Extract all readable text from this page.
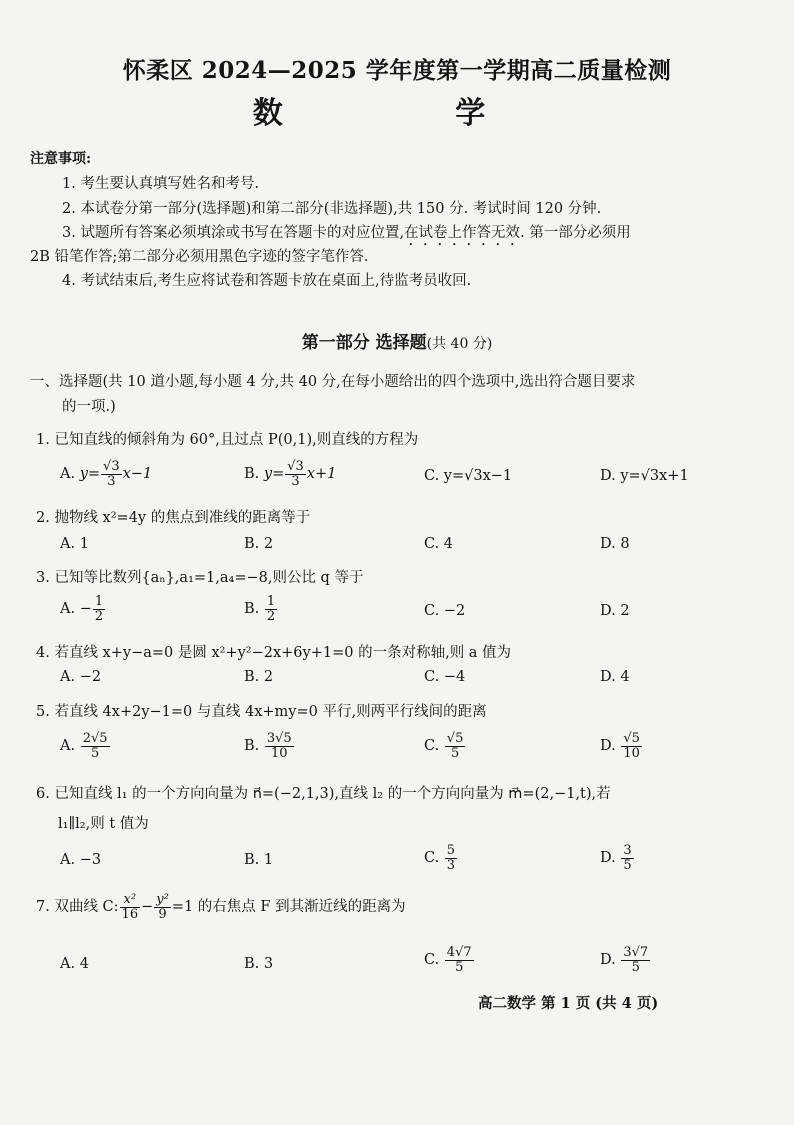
怀柔区 2024—2025 学年度第一学期高二质量检测
数 学
注意事项:
1. 考生要认真填写姓名和考号.
2. 本试卷分第一部分(选择题)和第二部分(非选择题),共 150 分. 考试时间 120 分钟.
3. 试题所有答案必须填涂或书写在答题卡的对应位置,在试卷上作答无效. 第一部分必须用
2B 铅笔作答;第二部分必须用黑色字迹的签字笔作答.
4. 考试结束后,考生应将试卷和答题卡放在桌面上,待监考员收回.
第一部分 选择题(共 40 分)
一、选择题(共 10 道小题,每小题 4 分,共 40 分,在每小题给出的四个选项中,选出符合题目要求
的一项.)
1. 已知直线的倾斜角为 60°,且过点 P(0,1),则直线的方程为
A. $y= \frac{√3}{3} x-1$	B. $y= \frac{√3}{3} x+1$	C. y=√3x−1	D. y=√3x+1
2. 抛物线 x²=4y 的焦点到准线的距离等于
A. 1	B. 2	C. 4	D. 8
3. 已知等比数列{aₙ},a₁=1,a₄=−8,则公比 q 等于
A. − $\frac{1}{2}$	B. $\frac{1}{2}$	C. −2	D. 2
4. 若直线 x+y−a=0 是圆 x²+y²−2x+6y+1=0 的一条对称轴,则 a 值为
A. −2	B. 2	C. −4	D. 4
5. 若直线 4x+2y−1=0 与直线 4x+my=0 平行,则两平行线间的距离
A. $\frac{2√5}{5}$	B. $\frac{3√5}{10}$	C. $\frac{√5}{5}$	D. $\frac{√5}{10}$
6. 已知直线 l₁ 的一个方向向量为 n⃗=(−2,1,3),直线 l₂ 的一个方向向量为 m⃗=(2,−1,t),若
l₁∥l₂,则 t 值为
A. −3	B. 1	C. $\frac{5}{3}$	D. $\frac{3}{5}$
7. 双曲线 C: $\frac{\text{x²}}{16} - \frac{\text{y²}}{9} =1$ 的右焦点 F 到其渐近线的距离为
A. 4	B. 3	C. $\frac{4√7}{5}$	D. $\frac{3√7}{5}$
高二数学 第 1 页 (共 4 页)
